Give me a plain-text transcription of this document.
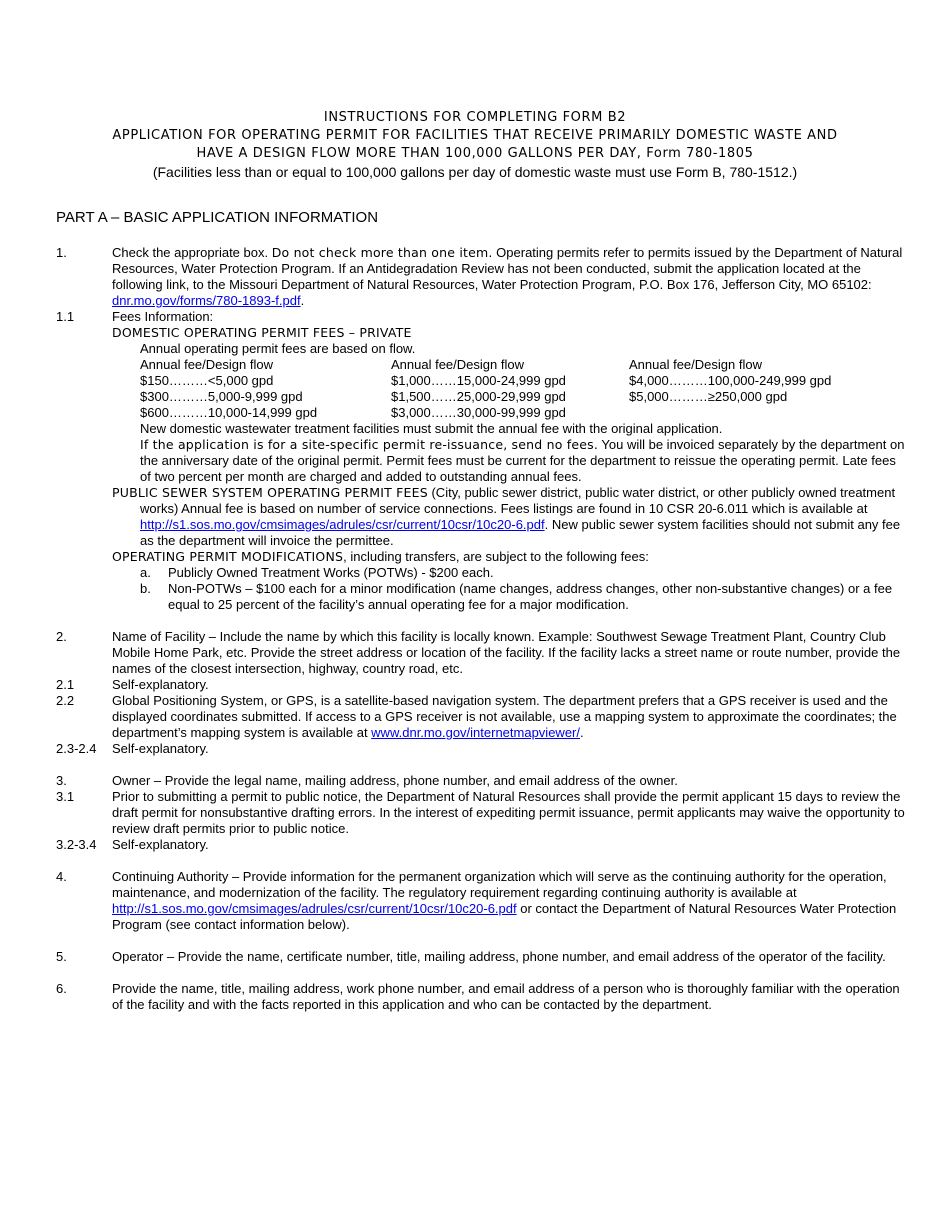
INSTRUCTIONS FOR COMPLETING FORM B2
APPLICATION FOR OPERATING PERMIT FOR FACILITIES THAT RECEIVE PRIMARILY DOMESTIC WASTE AND
HAVE A DESIGN FLOW MORE THAN 100,000 GALLONS PER DAY, Form 780-1805
(Facilities less than or equal to 100,000 gallons per day of domestic waste must use Form B, 780-1512.)
PART A – BASIC APPLICATION INFORMATION
1.	Check the appropriate box. Do not check more than one item. Operating permits refer to permits issued by the Department of Natural Resources, Water Protection Program. If an Antidegradation Review has not been conducted, submit the application located at the following link, to the Missouri Department of Natural Resources, Water Protection Program, P.O. Box 176, Jefferson City, MO 65102: dnr.mo.gov/forms/780-1893-f.pdf.
1.1	Fees Information:
DOMESTIC OPERATING PERMIT FEES – PRIVATE
Annual operating permit fees are based on flow.
Annual fee/Design flow	Annual fee/Design flow	Annual fee/Design flow
$150………<5,000 gpd	$1,000……15,000-24,999 gpd	$4,000………100,000-249,999 gpd
$300………5,000-9,999 gpd	$1,500……25,000-29,999 gpd	$5,000………≥250,000 gpd
$600………10,000-14,999 gpd	$3,000……30,000-99,999 gpd
New domestic wastewater treatment facilities must submit the annual fee with the original application.
If the application is for a site-specific permit re-issuance, send no fees. You will be invoiced separately by the department on the anniversary date of the original permit. Permit fees must be current for the department to reissue the operating permit. Late fees of two percent per month are charged and added to outstanding annual fees.
PUBLIC SEWER SYSTEM OPERATING PERMIT FEES (City, public sewer district, public water district, or other publicly owned treatment works) Annual fee is based on number of service connections. Fees listings are found in 10 CSR 20-6.011 which is available at http://s1.sos.mo.gov/cmsimages/adrules/csr/current/10csr/10c20-6.pdf. New public sewer system facilities should not submit any fee as the department will invoice the permittee.
OPERATING PERMIT MODIFICATIONS, including transfers, are subject to the following fees:
a. Publicly Owned Treatment Works (POTWs) - $200 each.
b. Non-POTWs – $100 each for a minor modification (name changes, address changes, other non-substantive changes) or a fee equal to 25 percent of the facility’s annual operating fee for a major modification.
2.	Name of Facility – Include the name by which this facility is locally known. Example: Southwest Sewage Treatment Plant, Country Club Mobile Home Park, etc. Provide the street address or location of the facility. If the facility lacks a street name or route number, provide the names of the closest intersection, highway, country road, etc.
2.1	Self-explanatory.
2.2	Global Positioning System, or GPS, is a satellite-based navigation system. The department prefers that a GPS receiver is used and the displayed coordinates submitted. If access to a GPS receiver is not available, use a mapping system to approximate the coordinates; the department’s mapping system is available at www.dnr.mo.gov/internetmapviewer/.
2.3-2.4	Self-explanatory.
3.	Owner – Provide the legal name, mailing address, phone number, and email address of the owner.
3.1	Prior to submitting a permit to public notice, the Department of Natural Resources shall provide the permit applicant 15 days to review the draft permit for nonsubstantive drafting errors. In the interest of expediting permit issuance, permit applicants may waive the opportunity to review draft permits prior to public notice.
3.2-3.4	Self-explanatory.
4.	Continuing Authority – Provide information for the permanent organization which will serve as the continuing authority for the operation, maintenance, and modernization of the facility. The regulatory requirement regarding continuing authority is available at http://s1.sos.mo.gov/cmsimages/adrules/csr/current/10csr/10c20-6.pdf or contact the Department of Natural Resources Water Protection Program (see contact information below).
5.	Operator – Provide the name, certificate number, title, mailing address, phone number, and email address of the operator of the facility.
6.	Provide the name, title, mailing address, work phone number, and email address of a person who is thoroughly familiar with the operation of the facility and with the facts reported in this application and who can be contacted by the department.
